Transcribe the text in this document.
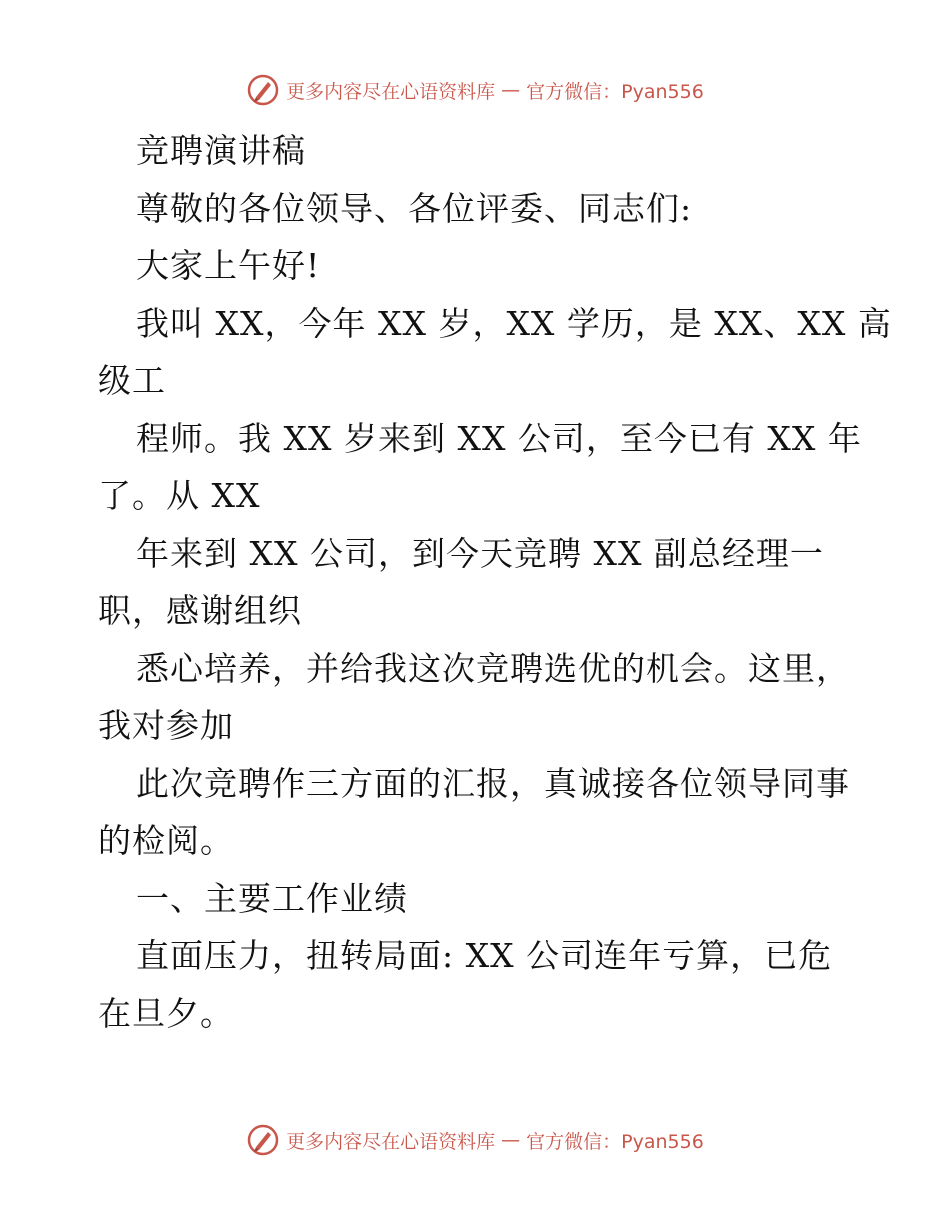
更多内容尽在心语资料库 — 官方微信：Pyan556

竞聘演讲稿

尊敬的各位领导、各位评委、同志们:

大家上午好!

我叫 XX，今年 XX 岁，XX 学历，是 XX、XX 高

级工

程师。我 XX 岁来到 XX 公司，至今已有 XX 年

了。从 XX

年来到 XX 公司，到今天竞聘 XX 副总经理一

职，感谢组织

悉心培养，并给我这次竞聘选优的机会。这里，

我对参加

此次竞聘作三方面的汇报，真诚接各位领导同事

的检阅。

一、主要工作业绩

直面压力，扭转局面: XX 公司连年亏算，已危

在旦夕。

更多内容尽在心语资料库 — 官方微信：Pyan556
